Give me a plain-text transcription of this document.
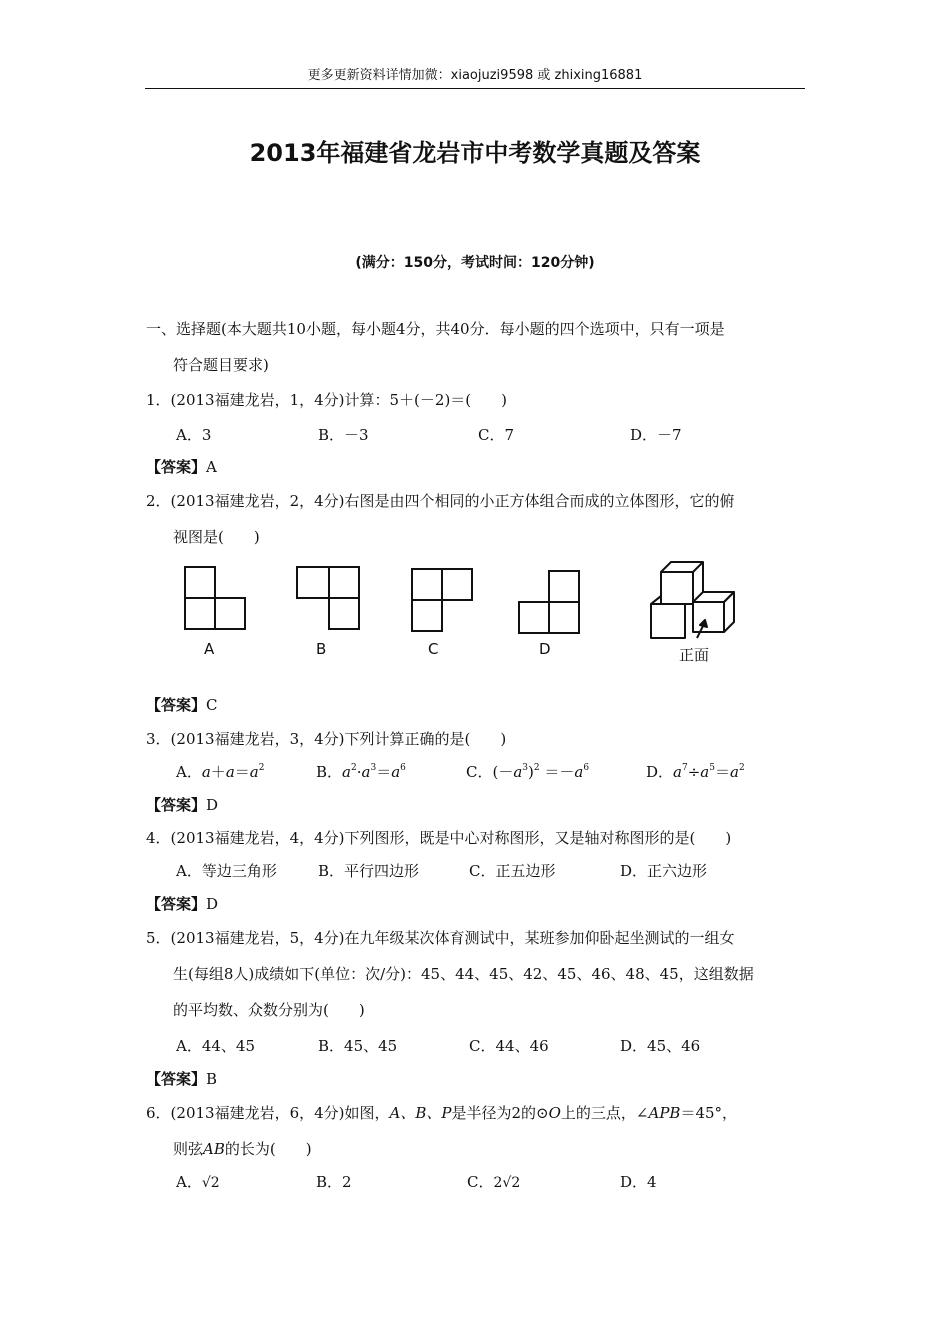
更多更新资料详情加微：xiaojuzi9598 或 zhixing16881
2013年福建省龙岩市中考数学真题及答案
(满分：150分，考试时间：120分钟)
一、选择题(本大题共10小题，每小题4分，共40分．每小题的四个选项中，只有一项是
符合题目要求)
1．(2013福建龙岩，1，4分)计算：5＋(－2)＝(　　)
A．3	B．－3	C．7	D．－7
【答案】A
2．(2013福建龙岩，2，4分)右图是由四个相同的小正方体组合而成的立体图形，它的俯
视图是(　　)
A	B	C	D	正面
【答案】C
3．(2013福建龙岩，3，4分)下列计算正确的是(　　)
A．$a+a=a^2$	B．$a^2\cdot a^3=a^6$	C．$(-a^3)^2 =-a^6$	D．$a^7\div a^5=a^2$
【答案】D
4．(2013福建龙岩，4，4分)下列图形，既是中心对称图形，又是轴对称图形的是(　　)
A．等边三角形	B．平行四边形	C．正五边形	D．正六边形
【答案】D
5．(2013福建龙岩，5，4分)在九年级某次体育测试中，某班参加仰卧起坐测试的一组女
生(每组8人)成绩如下(单位：次/分)：45、44、45、42、45、46、48、45，这组数据
的平均数、众数分别为(　　)
A．44、45	B．45、45	C．44、46	D．45、46
【答案】B
6．(2013福建龙岩，6，4分)如图，A、B、P是半径为2的⊙O上的三点，∠APB＝45°，
则弦AB的长为(　　)
A．√2	B．2	C．2√2	D．4
